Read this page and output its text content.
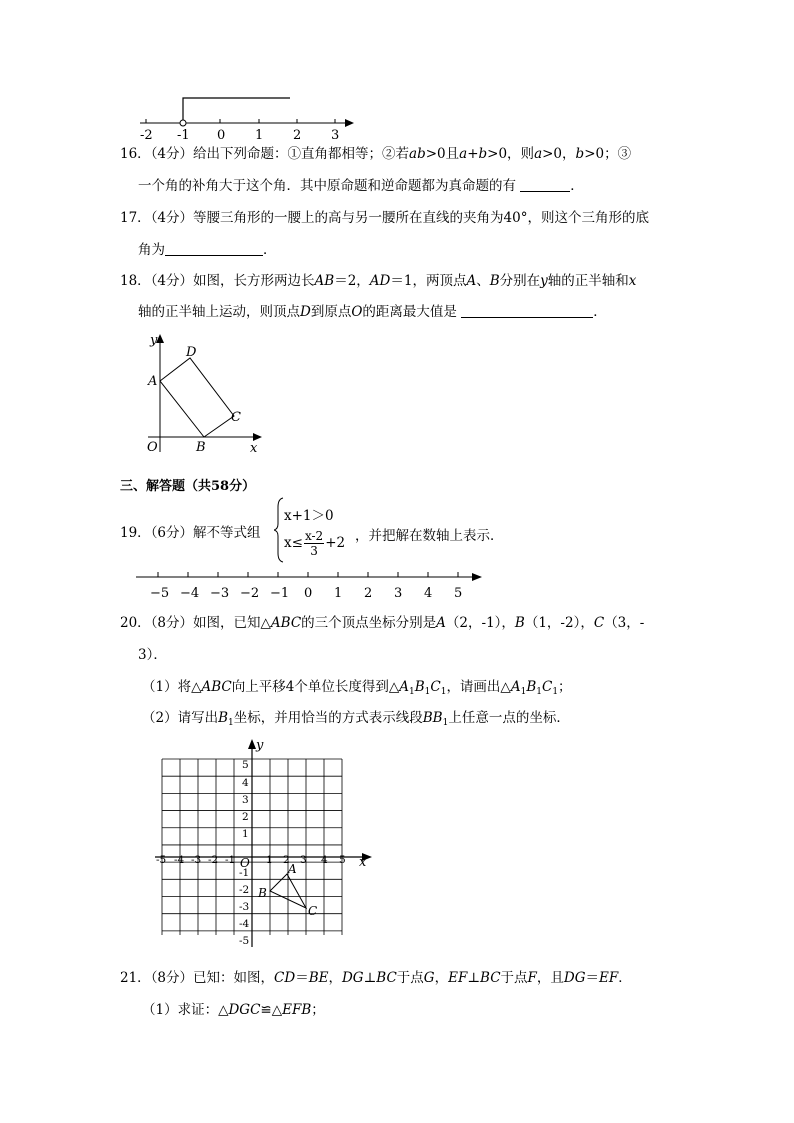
-2 -1 0 1 2 3
16．（4分）给出下列命题：①直角都相等；②若ab>0且a+b>0，则a>0，b>0；③
一个角的补角大于这个角．其中原命题和逆命题都为真命题的有	．
17．（4分）等腰三角形的一腰上的高与另一腰所在直线的夹角为40°，则这个三角形的底
角为	．
18．（4分）如图，长方形两边长AB＝2，AD＝1，两顶点A、B分别在y轴的正半轴和x
轴的正半轴上运动，则顶点D到原点O的距离最大值是	．
y
x
D
A
C
O	B
三、解答题（共58分）
19．（6分）解不等式组
x+1＞0
$x\le \frac{x-2}{3} +2$ ，并把解在数轴上表示．
−5 −4 −3 −2 −1 0 1 2 3 4 5
20．（8分）如图，已知△ABC的三个顶点坐标分别是A（2，-1），B（1，-2），C（3，-
3）．
（1）将△ABC向上平移4个单位长度得到$\triangle A_1B_1C_1$，请画出$\triangle A_1B_1C_1$；
（2）请写出$B_1$坐标，并用恰当的方式表示线段$BB_1$上任意一点的坐标．
y
x
O	A
B
C
-5 -4 -3 -2 -1	1 2 3 4 5
5
4
3
2
1
-1
-2
-3
-4
-5
21．（8分）已知：如图，CD＝BE，DG⊥BC于点G，EF⊥BC于点F，且DG＝EF．
（1）求证：△DGC≌△EFB；
